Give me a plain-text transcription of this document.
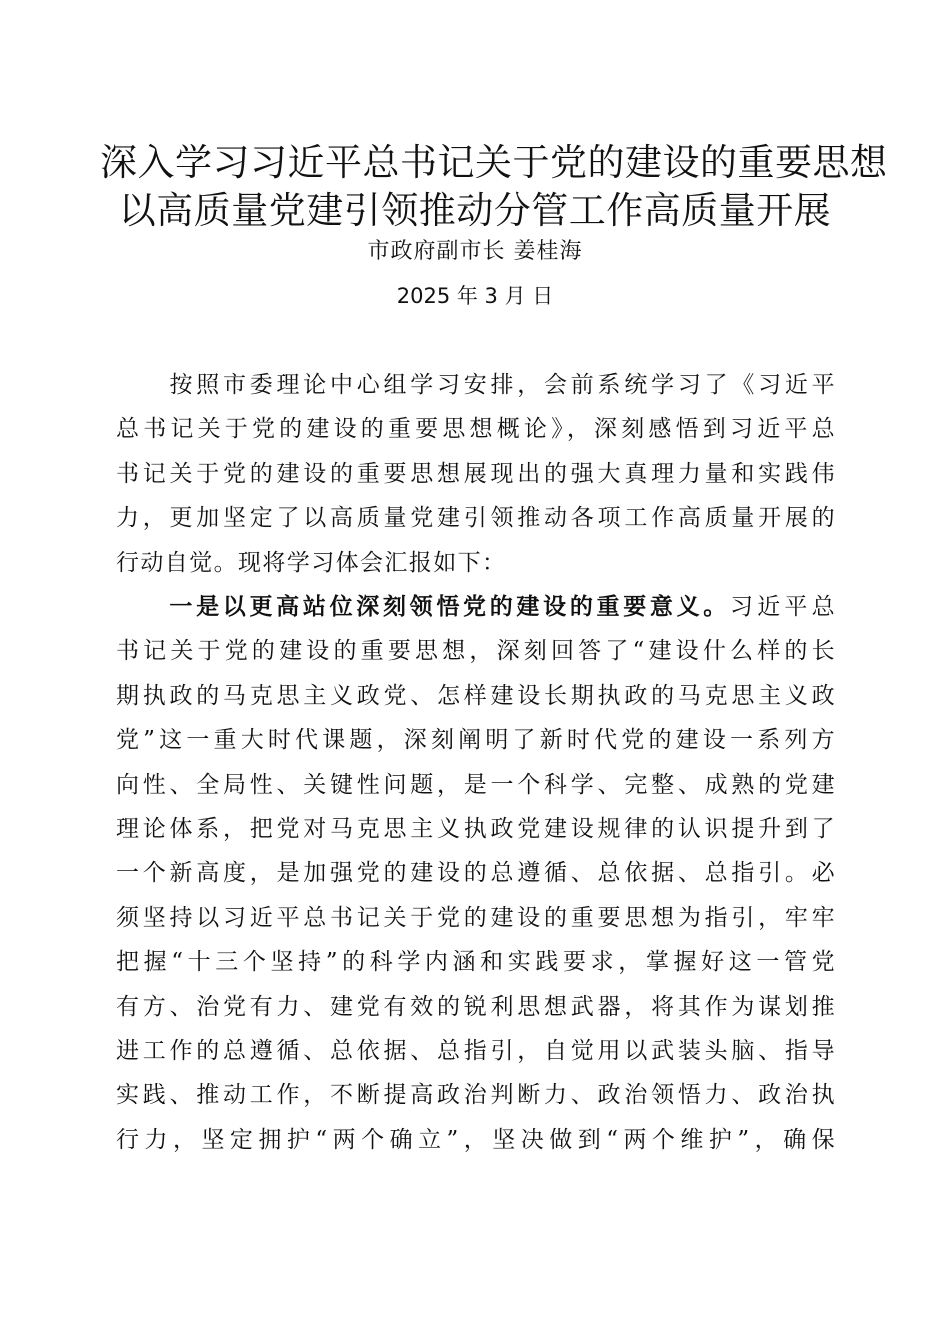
深入学习习近平总书记关于党的建设的重要思想
以高质量党建引领推动分管工作高质量开展
市政府副市长 姜桂海
2025 年 3 月 日
　　按照市委理论中心组学习安排，会前系统学习了《习近平
总书记关于党的建设的重要思想概论》，深刻感悟到习近平总
书记关于党的建设的重要思想展现出的强大真理力量和实践伟
力，更加坚定了以高质量党建引领推动各项工作高质量开展的
行动自觉。现将学习体会汇报如下：
　　一是以更高站位深刻领悟党的建设的重要意义。习近平总
书记关于党的建设的重要思想，深刻回答了“建设什么样的长
期执政的马克思主义政党、怎样建设长期执政的马克思主义政
党”这一重大时代课题，深刻阐明了新时代党的建设一系列方
向性、全局性、关键性问题，是一个科学、完整、成熟的党建
理论体系，把党对马克思主义执政党建设规律的认识提升到了
一个新高度，是加强党的建设的总遵循、总依据、总指引。必
须坚持以习近平总书记关于党的建设的重要思想为指引，牢牢
把握“十三个坚持”的科学内涵和实践要求，掌握好这一管党
有方、治党有力、建党有效的锐利思想武器，将其作为谋划推
进工作的总遵循、总依据、总指引，自觉用以武装头脑、指导
实践、推动工作，不断提高政治判断力、政治领悟力、政治执
行力，坚定拥护“两个确立”，坚决做到“两个维护”，确保
